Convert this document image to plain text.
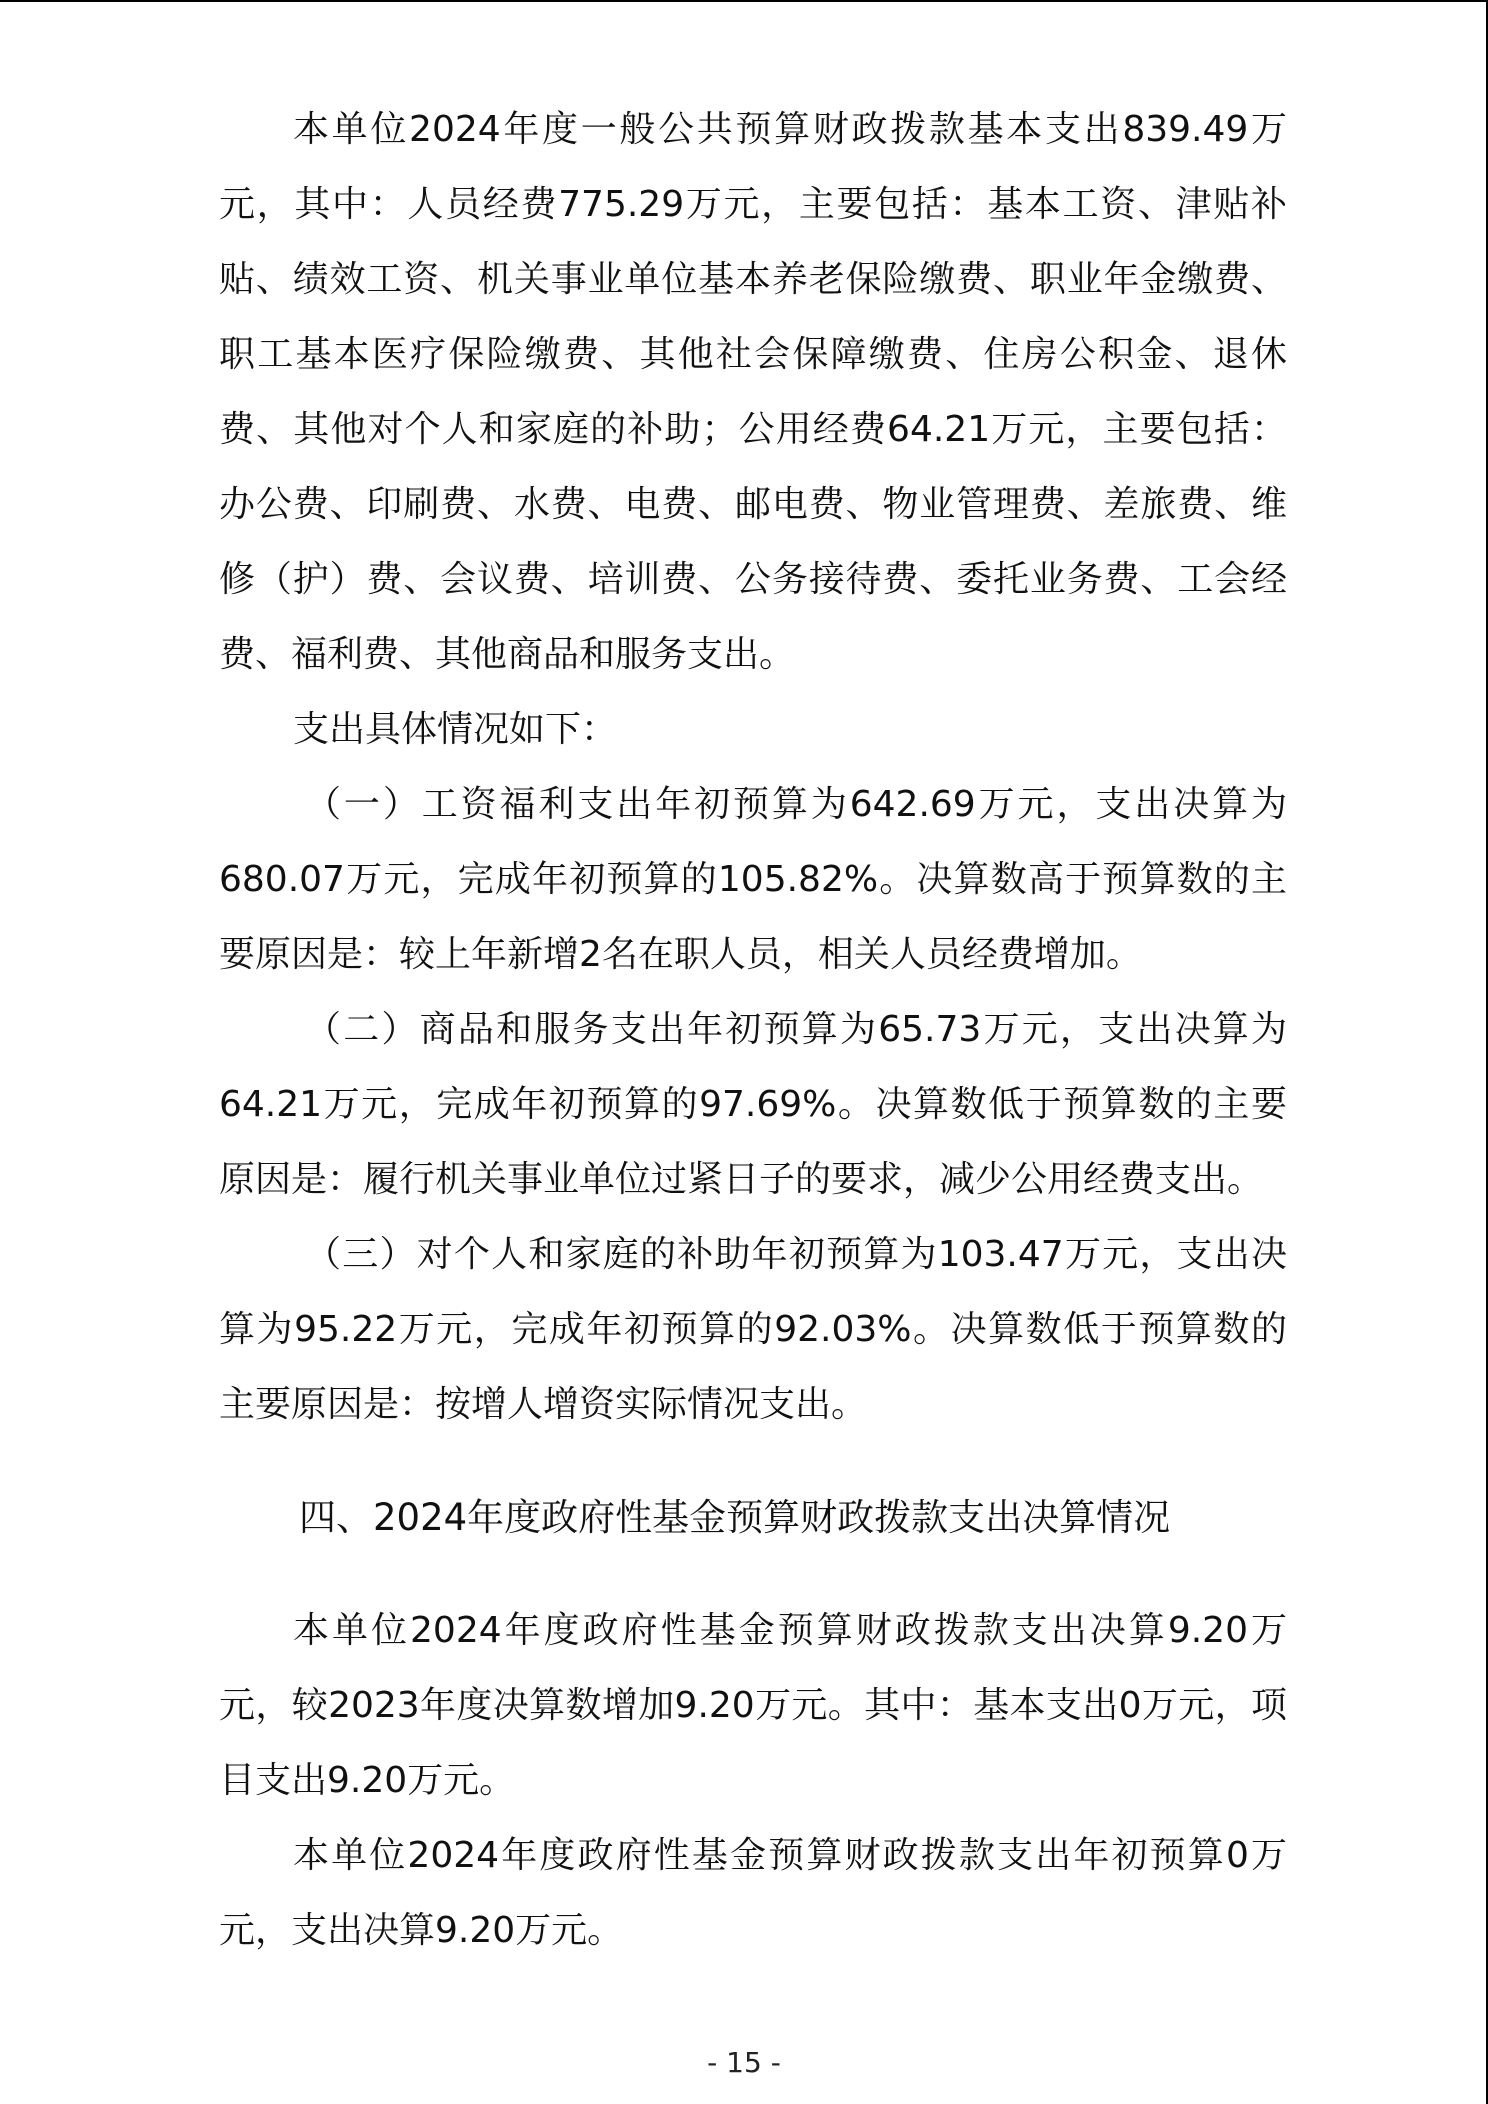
本单位2024年度一般公共预算财政拨款基本支出839.49万元，其中：人员经费775.29万元，主要包括：基本工资、津贴补贴、绩效工资、机关事业单位基本养老保险缴费、职业年金缴费、职工基本医疗保险缴费、其他社会保障缴费、住房公积金、退休费、其他对个人和家庭的补助；公用经费64.21万元，主要包括：办公费、印刷费、水费、电费、邮电费、物业管理费、差旅费、维修（护）费、会议费、培训费、公务接待费、委托业务费、工会经费、福利费、其他商品和服务支出。

支出具体情况如下：

（一）工资福利支出年初预算为642.69万元，支出决算为680.07万元，完成年初预算的105.82%。决算数高于预算数的主要原因是：较上年新增2名在职人员，相关人员经费增加。

（二）商品和服务支出年初预算为65.73万元，支出决算为64.21万元，完成年初预算的97.69%。决算数低于预算数的主要原因是：履行机关事业单位过紧日子的要求，减少公用经费支出。

（三）对个人和家庭的补助年初预算为103.47万元，支出决算为95.22万元，完成年初预算的92.03%。决算数低于预算数的主要原因是：按增人增资实际情况支出。

四、2024年度政府性基金预算财政拨款支出决算情况

本单位2024年度政府性基金预算财政拨款支出决算9.20万元，较2023年度决算数增加9.20万元。其中：基本支出0万元，项目支出9.20万元。

本单位2024年度政府性基金预算财政拨款支出年初预算0万元，支出决算9.20万元。

- 15 -
